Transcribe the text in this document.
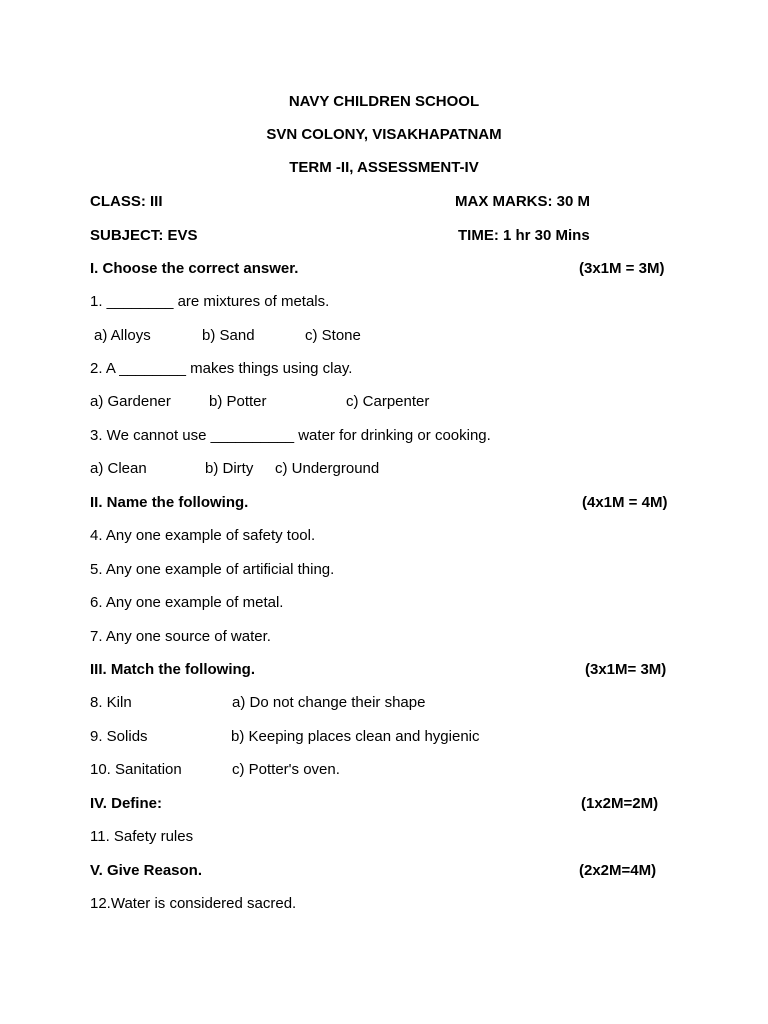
NAVY CHILDREN SCHOOL
SVN COLONY, VISAKHAPATNAM
TERM -II, ASSESSMENT-IV
CLASS: III	MAX MARKS: 30 M
SUBJECT: EVS	TIME: 1 hr 30 Mins
I. Choose the correct answer.	(3x1M = 3M)
1. ________ are mixtures of metals.
a) Alloys	b) Sand	c) Stone
2. A ________ makes things using clay.
a) Gardener	b) Potter	c) Carpenter
3. We cannot use __________ water for drinking or cooking.
a) Clean	b) Dirty c) Underground
II. Name the following.	(4x1M = 4M)
4. Any one example of safety tool.
5. Any one example of artificial thing.
6. Any one example of metal.
7. Any one source of water.
III. Match the following.	(3x1M= 3M)
8. Kiln	a) Do not change their shape
9. Solids	b) Keeping places clean and hygienic
10. Sanitation	c) Potter's oven.
IV. Define:	(1x2M=2M)
11. Safety rules
V. Give Reason.	(2x2M=4M)
12.Water is considered sacred.
